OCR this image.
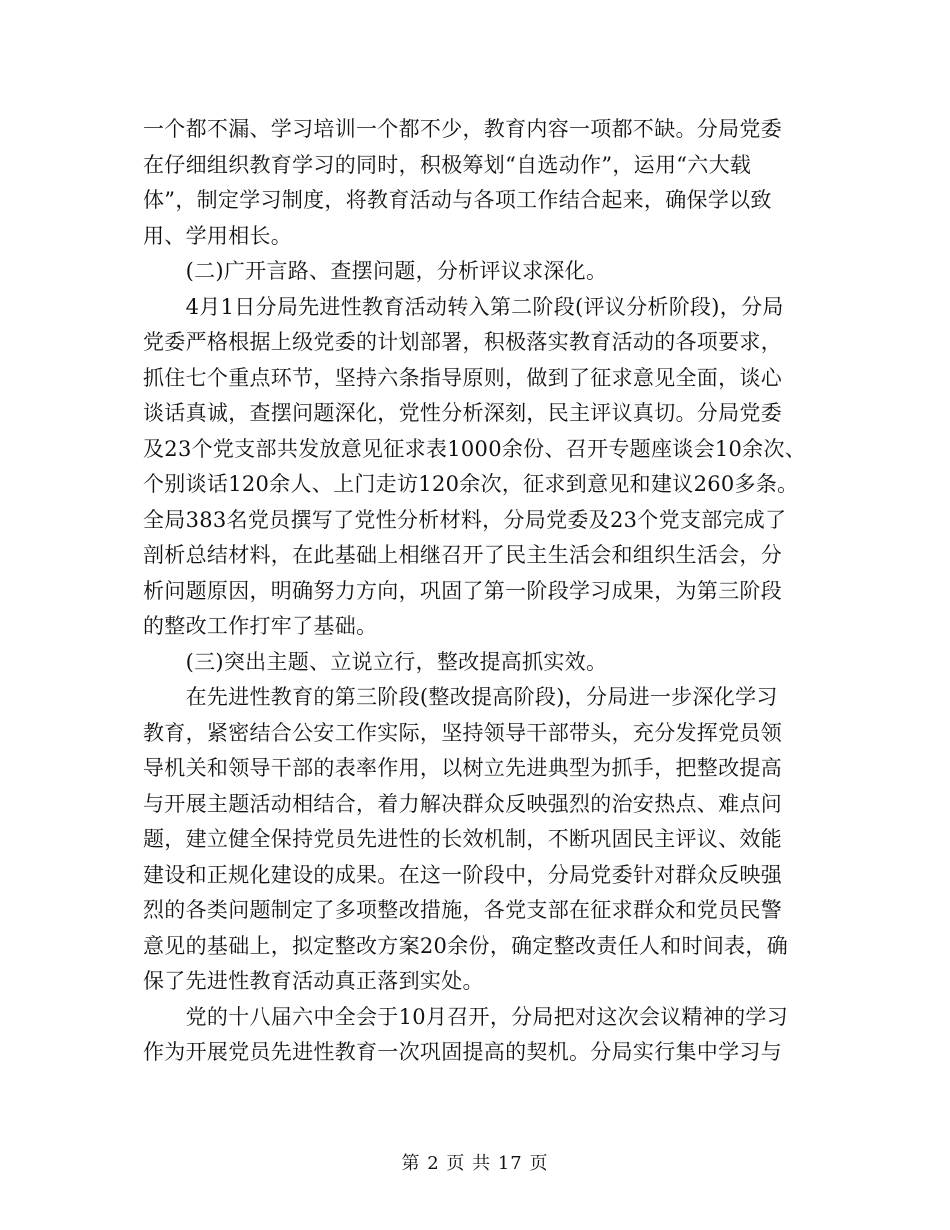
一个都不漏、学习培训一个都不少，教育内容一项都不缺。分局党委
在仔细组织教育学习的同时，积极筹划“自选动作”，运用“六大载
体”，制定学习制度，将教育活动与各项工作结合起来，确保学以致
用、学用相长。
　　(二)广开言路、查摆问题，分析评议求深化。
　　4月1日分局先进性教育活动转入第二阶段(评议分析阶段)，分局
党委严格根据上级党委的计划部署，积极落实教育活动的各项要求，
抓住七个重点环节，坚持六条指导原则，做到了征求意见全面，谈心
谈话真诚，查摆问题深化，党性分析深刻，民主评议真切。分局党委
及23个党支部共发放意见征求表1000余份、召开专题座谈会10余次、
个别谈话120余人、上门走访120余次，征求到意见和建议260多条。
全局383名党员撰写了党性分析材料，分局党委及23个党支部完成了
剖析总结材料，在此基础上相继召开了民主生活会和组织生活会，分
析问题原因，明确努力方向，巩固了第一阶段学习成果，为第三阶段
的整改工作打牢了基础。
　　(三)突出主题、立说立行，整改提高抓实效。
　　在先进性教育的第三阶段(整改提高阶段)，分局进一步深化学习
教育，紧密结合公安工作实际，坚持领导干部带头，充分发挥党员领
导机关和领导干部的表率作用，以树立先进典型为抓手，把整改提高
与开展主题活动相结合，着力解决群众反映强烈的治安热点、难点问
题，建立健全保持党员先进性的长效机制，不断巩固民主评议、效能
建设和正规化建设的成果。在这一阶段中，分局党委针对群众反映强
烈的各类问题制定了多项整改措施，各党支部在征求群众和党员民警
意见的基础上，拟定整改方案20余份，确定整改责任人和时间表，确
保了先进性教育活动真正落到实处。
　　党的十八届六中全会于10月召开，分局把对这次会议精神的学习
作为开展党员先进性教育一次巩固提高的契机。分局实行集中学习与
第 2 页 共 17 页
